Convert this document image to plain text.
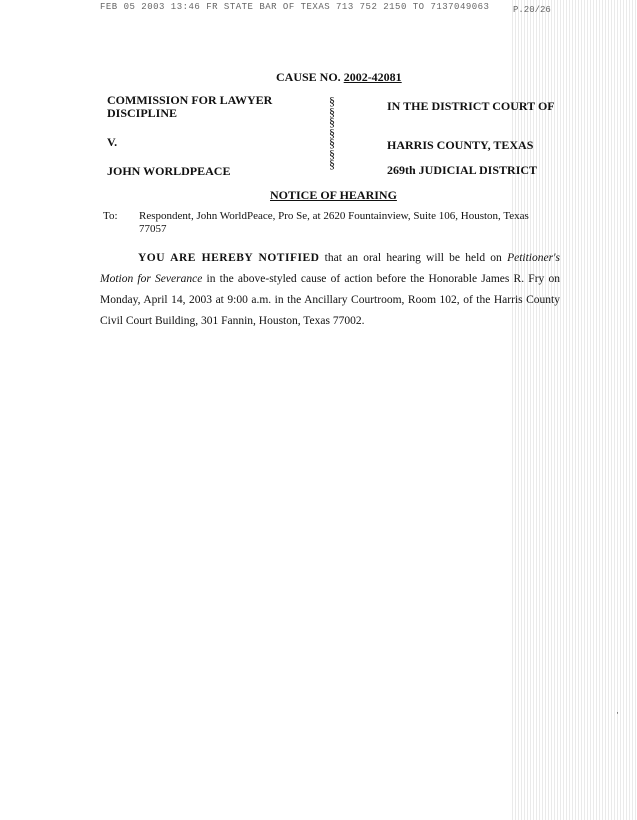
FEB 05 2003 13:46 FR STATE BAR OF TEXAS 713 752 2150 TO 7137049063	P.20/26
CAUSE NO. 2002-42081
COMMISSION FOR LAWYER
DISCIPLINE
V.
JOHN WORLDPEACE
§
§
§
§
§
§
§
IN THE DISTRICT COURT OF
HARRIS COUNTY, TEXAS
269th JUDICIAL DISTRICT
NOTICE OF HEARING
To: Respondent, John WorldPeace, Pro Se, at 2620 Fountainview, Suite 106, Houston, Texas 77057
YOU ARE HEREBY NOTIFIED that an oral hearing will be held on Petitioner's Motion for Severance in the above-styled cause of action before the Honorable James R. Fry on Monday, April 14, 2003 at 9:00 a.m. in the Ancillary Courtroom, Room 102, of the Harris County Civil Court Building, 301 Fannin, Houston, Texas 77002.
·
